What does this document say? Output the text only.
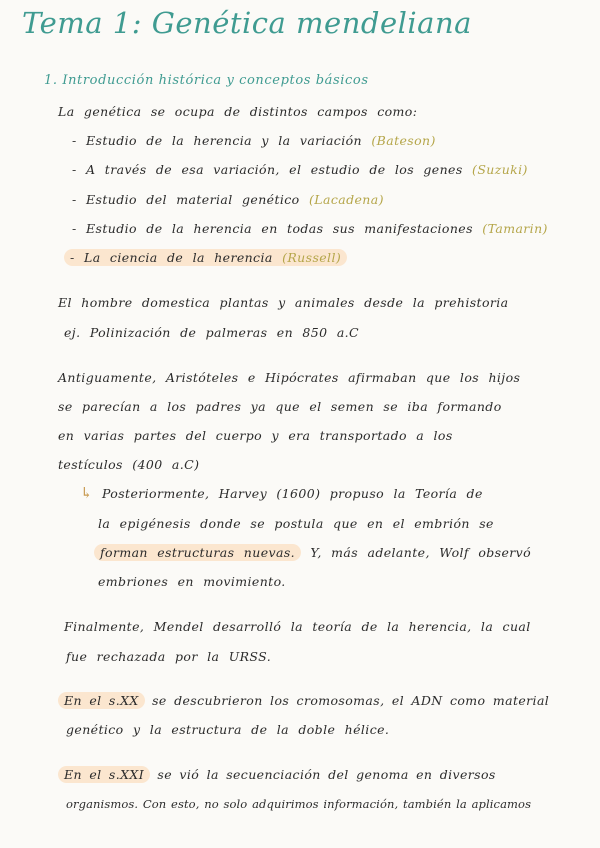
Tema 1: Genética mendeliana
1. Introducción histórica y conceptos básicos
La genética se ocupa de distintos campos como:
- Estudio de la herencia y la variación (Bateson)
- A través de esa variación, el estudio de los genes (Suzuki)
- Estudio del material genético (Lacadena)
- Estudio de la herencia en todas sus manifestaciones (Tamarin)
- La ciencia de la herencia (Russell)
El hombre domestica plantas y animales desde la prehistoria
ej. Polinización de palmeras en 850 a.C
Antiguamente, Aristóteles e Hipócrates afirmaban que los hijos
se parecían a los padres ya que el semen se iba formando
en varias partes del cuerpo y era transportado a los
testículos (400 a.C)
↳ Posteriormente, Harvey (1600) propuso la Teoría de
la epigénesis donde se postula que en el embrión se
forman estructuras nuevas. Y, más adelante, Wolf observó
embriones en movimiento.
Finalmente, Mendel desarrolló la teoría de la herencia, la cual
fue rechazada por la URSS.
En el s.XX se descubrieron los cromosomas, el ADN como material
genético y la estructura de la doble hélice.
En el s.XXI se vió la secuenciación del genoma en diversos
organismos. Con esto, no solo adquirimos información, también la aplicamos
